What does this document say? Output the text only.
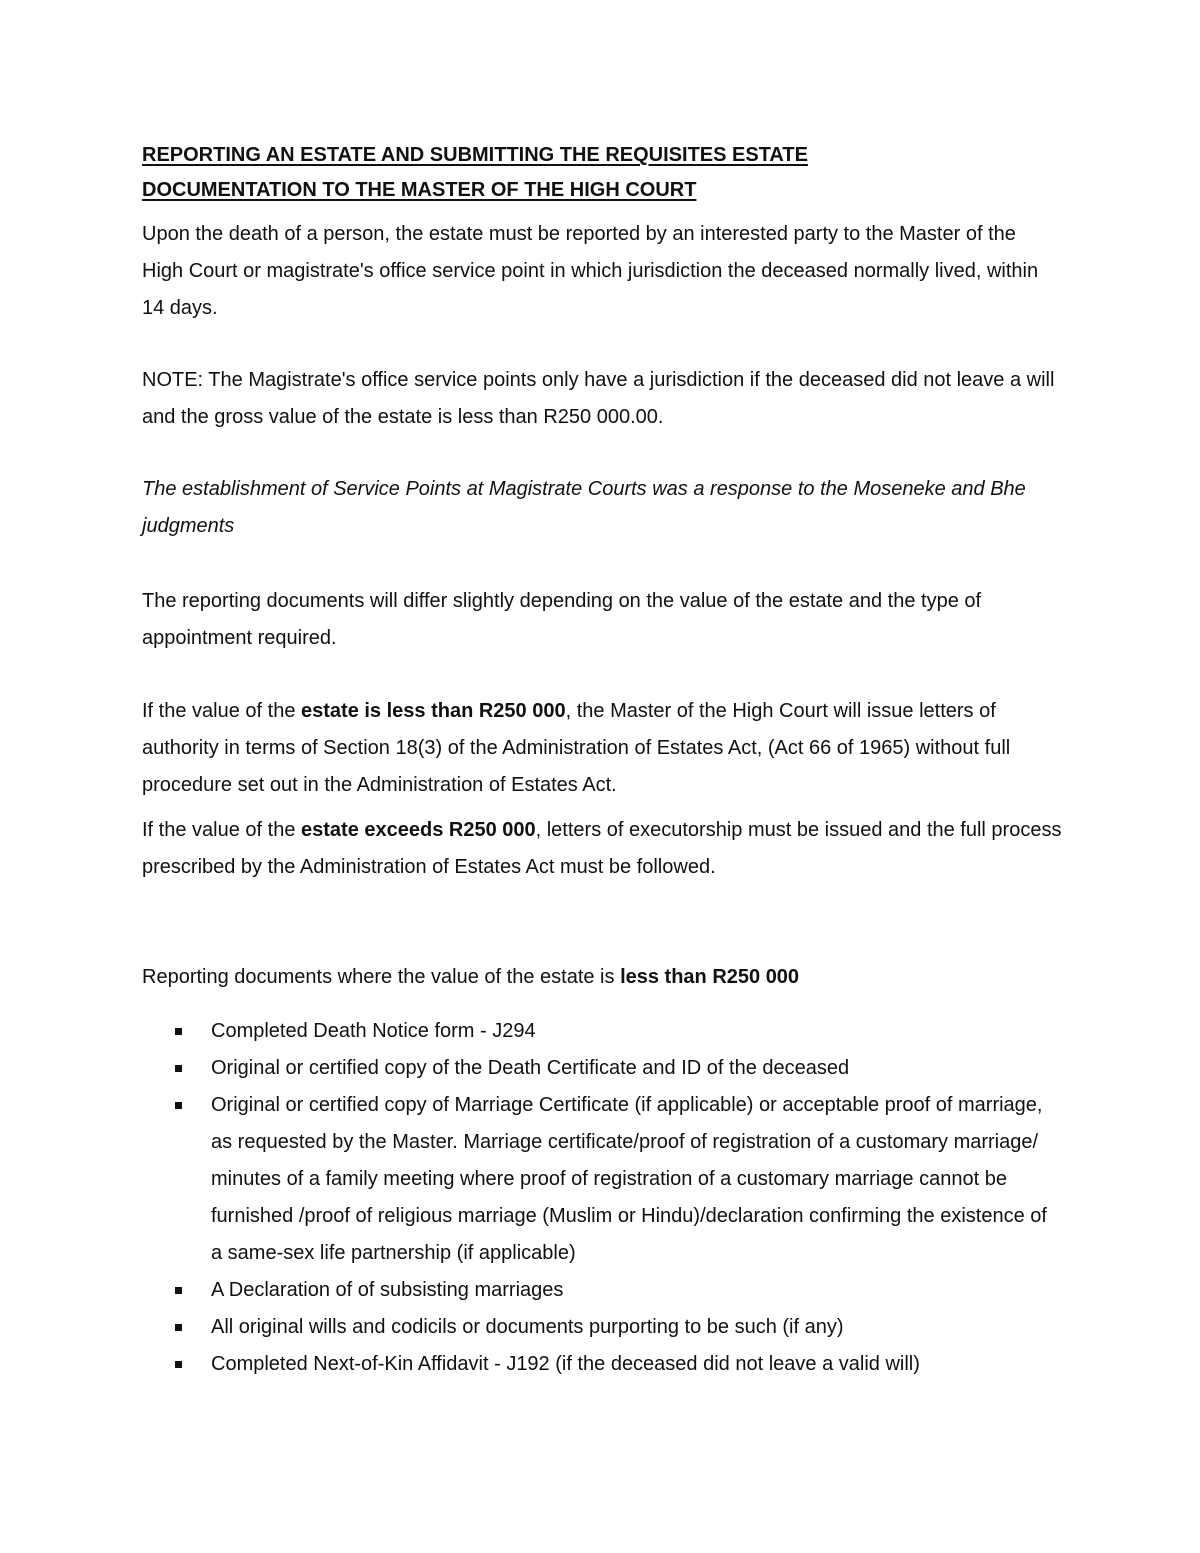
REPORTING AN ESTATE AND SUBMITTING THE REQUISITES ESTATE
DOCUMENTATION TO THE MASTER OF THE HIGH COURT

Upon the death of a person, the estate must be reported by an interested party to the Master of the High Court or magistrate's office service point in which jurisdiction the deceased normally lived, within 14 days.

NOTE: The Magistrate's office service points only have a jurisdiction if the deceased did not leave a will and the gross value of the estate is less than R250 000.00.

The establishment of Service Points at Magistrate Courts was a response to the Moseneke and Bhe judgments

The reporting documents will differ slightly depending on the value of the estate and the type of appointment required.

If the value of the estate is less than R250 000, the Master of the High Court will issue letters of authority in terms of Section 18(3) of the Administration of Estates Act, (Act 66 of 1965) without full procedure set out in the Administration of Estates Act.

If the value of the estate exceeds R250 000, letters of executorship must be issued and the full process prescribed by the Administration of Estates Act must be followed.

Reporting documents where the value of the estate is less than R250 000

Completed Death Notice form - J294
Original or certified copy of the Death Certificate and ID of the deceased
Original or certified copy of Marriage Certificate (if applicable) or acceptable proof of marriage, as requested by the Master. Marriage certificate/proof of registration of a customary marriage/ minutes of a family meeting where proof of registration of a customary marriage cannot be furnished /proof of religious marriage (Muslim or Hindu)/declaration confirming the existence of a same-sex life partnership (if applicable)
A Declaration of of subsisting marriages
All original wills and codicils or documents purporting to be such (if any)
Completed Next-of-Kin Affidavit - J192 (if the deceased did not leave a valid will)
